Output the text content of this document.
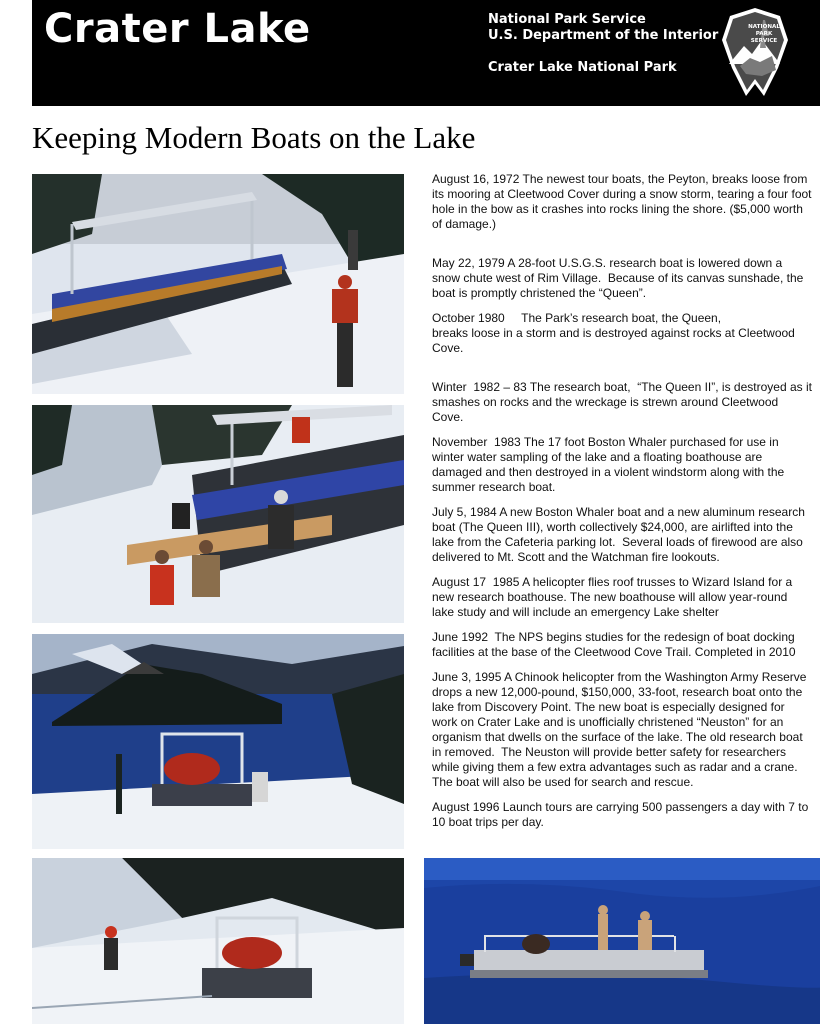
Crater Lake	National Park Service
U.S. Department of the Interior
Crater Lake National Park
NATIONAL
PARK
SERVICE
Keeping Modern Boats on the Lake

August 16, 1972 The newest tour boats, the Peyton, breaks loose from its mooring at Cleetwood Cover during a snow storm, tearing a four foot hole in the bow as it crashes into rocks lining the shore. ($5,000 worth of damage.)

May 22, 1979 A 28-foot U.S.G.S. research boat is lowered down a snow chute west of Rim Village.  Because of its canvas sunshade, the boat is promptly christened the “Queen”.

October 1980     The Park’s research boat, the Queen,
breaks loose in a storm and is destroyed against rocks at Cleetwood Cove.

Winter  1982 – 83 The research boat,  “The Queen II”, is destroyed as it smashes on rocks and the wreckage is strewn around Cleetwood Cove.

November  1983 The 17 foot Boston Whaler purchased for use in winter water sampling of the lake and a floating boathouse are damaged and then destroyed in a violent windstorm along with the summer research boat.

July 5, 1984 A new Boston Whaler boat and a new aluminum research boat (The Queen III), worth collectively $24,000, are airlifted into the lake from the Cafeteria parking lot.  Several loads of firewood are also delivered to Mt. Scott and the Watchman fire lookouts.

August 17  1985 A helicopter flies roof trusses to Wizard Island for a new research boathouse. The new boathouse will allow year-round lake study and will include an emergency Lake shelter

June 1992  The NPS begins studies for the redesign of boat docking facilities at the base of the Cleetwood Cove Trail. Completed in 2010

June 3, 1995 A Chinook helicopter from the Washington Army Reserve drops a new 12,000-pound, $150,000, 33-foot, research boat onto the lake from Discovery Point. The new boat is especially designed for work on Crater Lake and is unofficially christened “Neuston” for an organism that dwells on the surface of the lake. The old research boat in removed.  The Neuston will provide better safety for researchers while giving them a few extra advantages such as radar and a crane.  The boat will also be used for search and rescue.

August 1996 Launch tours are carrying 500 passengers a day with 7 to 10 boat trips per day.
